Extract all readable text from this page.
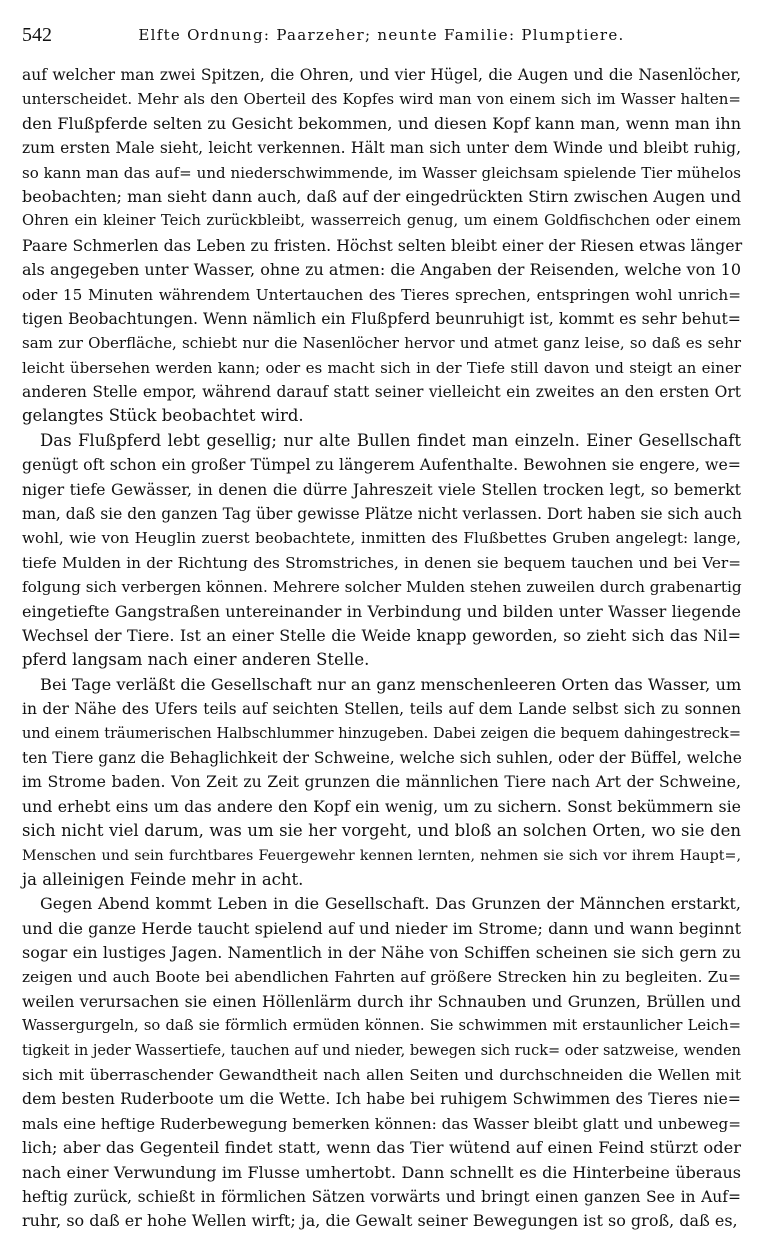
542	Elfte Ordnung: Paarzeher; neunte Familie: Plumptiere.
auf welcher man zwei Spitzen, die Ohren, und vier Hügel, die Augen und die Nasenlöcher,
unterscheidet. Mehr als den Oberteil des Kopfes wird man von einem sich im Wasser halten=
den Flußpferde selten zu Gesicht bekommen, und diesen Kopf kann man, wenn man ihn
zum ersten Male sieht, leicht verkennen. Hält man sich unter dem Winde und bleibt ruhig,
so kann man das auf= und niederschwimmende, im Wasser gleichsam spielende Tier mühelos
beobachten; man sieht dann auch, daß auf der eingedrückten Stirn zwischen Augen und
Ohren ein kleiner Teich zurückbleibt, wasserreich genug, um einem Goldfischchen oder einem
Paare Schmerlen das Leben zu fristen. Höchst selten bleibt einer der Riesen etwas länger
als angegeben unter Wasser, ohne zu atmen: die Angaben der Reisenden, welche von 10
oder 15 Minuten währendem Untertauchen des Tieres sprechen, entspringen wohl unrich=
tigen Beobachtungen. Wenn nämlich ein Flußpferd beunruhigt ist, kommt es sehr behut=
sam zur Oberfläche, schiebt nur die Nasenlöcher hervor und atmet ganz leise, so daß es sehr
leicht übersehen werden kann; oder es macht sich in der Tiefe still davon und steigt an einer
anderen Stelle empor, während darauf statt seiner vielleicht ein zweites an den ersten Ort
gelangtes Stück beobachtet wird.
Das Flußpferd lebt gesellig; nur alte Bullen findet man einzeln. Einer Gesellschaft
genügt oft schon ein großer Tümpel zu längerem Aufenthalte. Bewohnen sie engere, we=
niger tiefe Gewässer, in denen die dürre Jahreszeit viele Stellen trocken legt, so bemerkt
man, daß sie den ganzen Tag über gewisse Plätze nicht verlassen. Dort haben sie sich auch
wohl, wie von Heuglin zuerst beobachtete, inmitten des Flußbettes Gruben angelegt: lange,
tiefe Mulden in der Richtung des Stromstriches, in denen sie bequem tauchen und bei Ver=
folgung sich verbergen können. Mehrere solcher Mulden stehen zuweilen durch grabenartig
eingetiefte Gangstraßen untereinander in Verbindung und bilden unter Wasser liegende
Wechsel der Tiere. Ist an einer Stelle die Weide knapp geworden, so zieht sich das Nil=
pferd langsam nach einer anderen Stelle.
Bei Tage verläßt die Gesellschaft nur an ganz menschenleeren Orten das Wasser, um
in der Nähe des Ufers teils auf seichten Stellen, teils auf dem Lande selbst sich zu sonnen
und einem träumerischen Halbschlummer hinzugeben. Dabei zeigen die bequem dahingestreck=
ten Tiere ganz die Behaglichkeit der Schweine, welche sich suhlen, oder der Büffel, welche
im Strome baden. Von Zeit zu Zeit grunzen die männlichen Tiere nach Art der Schweine,
und erhebt eins um das andere den Kopf ein wenig, um zu sichern. Sonst bekümmern sie
sich nicht viel darum, was um sie her vorgeht, und bloß an solchen Orten, wo sie den
Menschen und sein furchtbares Feuergewehr kennen lernten, nehmen sie sich vor ihrem Haupt=,
ja alleinigen Feinde mehr in acht.
Gegen Abend kommt Leben in die Gesellschaft. Das Grunzen der Männchen erstarkt,
und die ganze Herde taucht spielend auf und nieder im Strome; dann und wann beginnt
sogar ein lustiges Jagen. Namentlich in der Nähe von Schiffen scheinen sie sich gern zu
zeigen und auch Boote bei abendlichen Fahrten auf größere Strecken hin zu begleiten. Zu=
weilen verursachen sie einen Höllenlärm durch ihr Schnauben und Grunzen, Brüllen und
Wassergurgeln, so daß sie förmlich ermüden können. Sie schwimmen mit erstaunlicher Leich=
tigkeit in jeder Wassertiefe, tauchen auf und nieder, bewegen sich ruck= oder satzweise, wenden
sich mit überraschender Gewandtheit nach allen Seiten und durchschneiden die Wellen mit
dem besten Ruderboote um die Wette. Ich habe bei ruhigem Schwimmen des Tieres nie=
mals eine heftige Ruderbewegung bemerken können: das Wasser bleibt glatt und unbeweg=
lich; aber das Gegenteil findet statt, wenn das Tier wütend auf einen Feind stürzt oder
nach einer Verwundung im Flusse umhertobt. Dann schnellt es die Hinterbeine überaus
heftig zurück, schießt in förmlichen Sätzen vorwärts und bringt einen ganzen See in Auf=
ruhr, so daß er hohe Wellen wirft; ja, die Gewalt seiner Bewegungen ist so groß, daß es,
